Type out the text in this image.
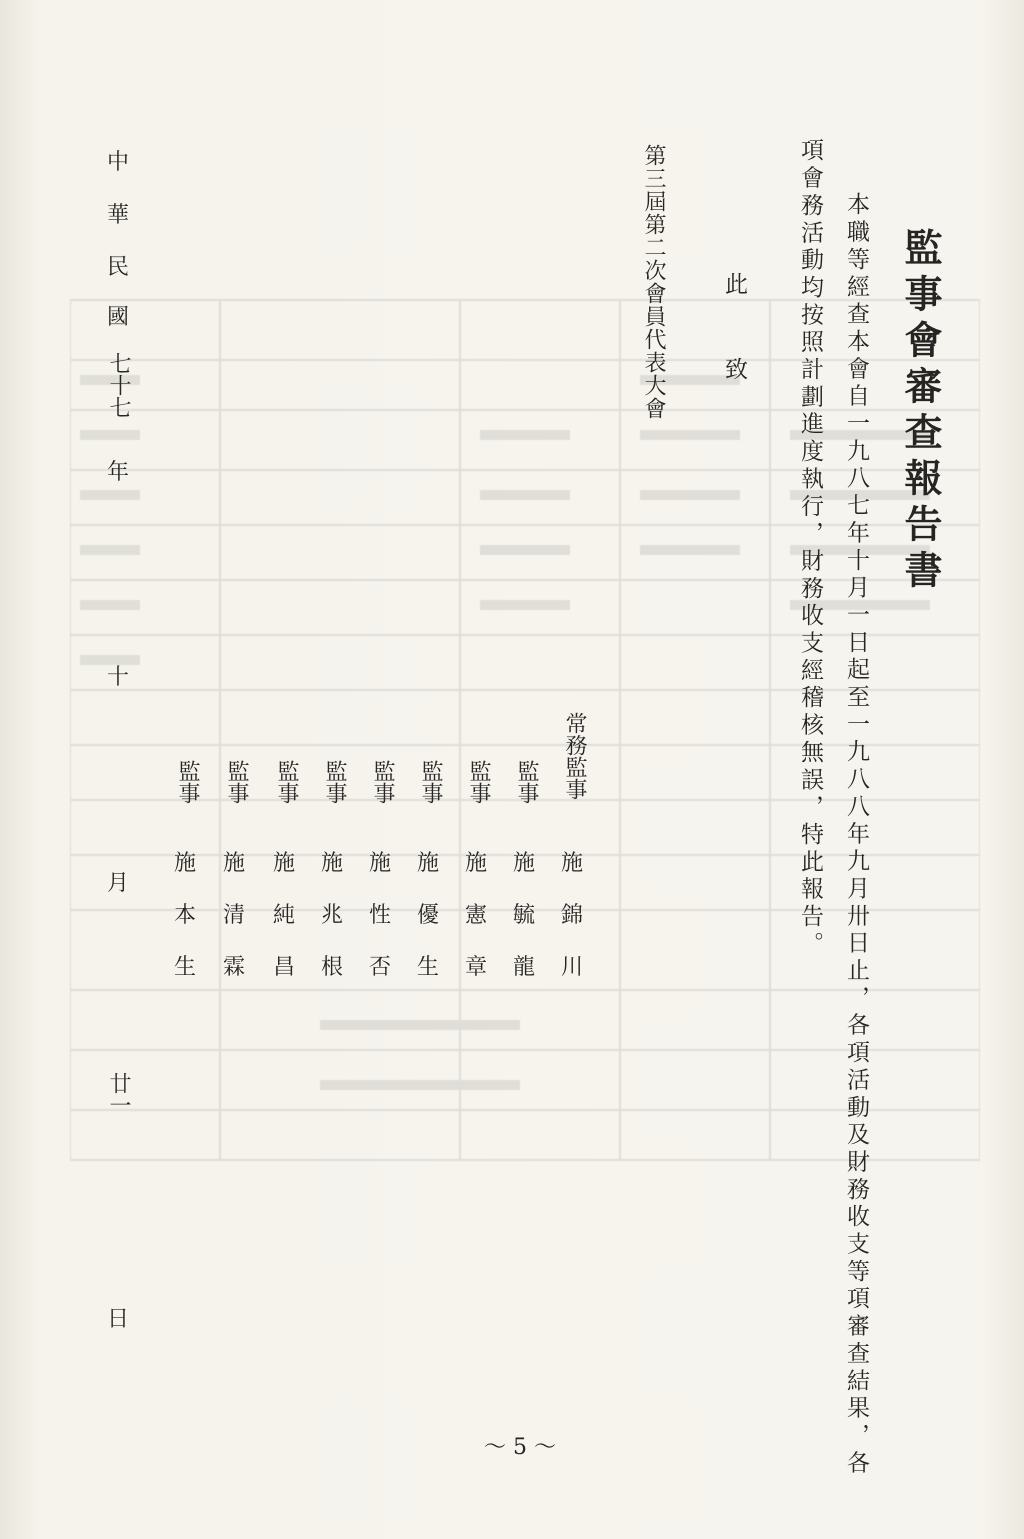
監事會審查報告書
本職等經查本會自一九八七年十月一日起至一九八八年九月卅日止，各項活動及財務收支等項審查結果，各
項會務活動均按照計劃進度執行，財務收支經稽核無誤，特此報告。
此 致
第三屆第二次會員代表大會
常務監事
施
錦
川
監事
施
毓
龍
監事
施
憲
章
監事
施
優
生
監事
施
性
否
監事
施
兆
根
監事
施
純
昌
監事
施
清
霖
監事
施
本
生
中
華
民
國
七十七
年
十
月
廿一
日
～ 5 ～
